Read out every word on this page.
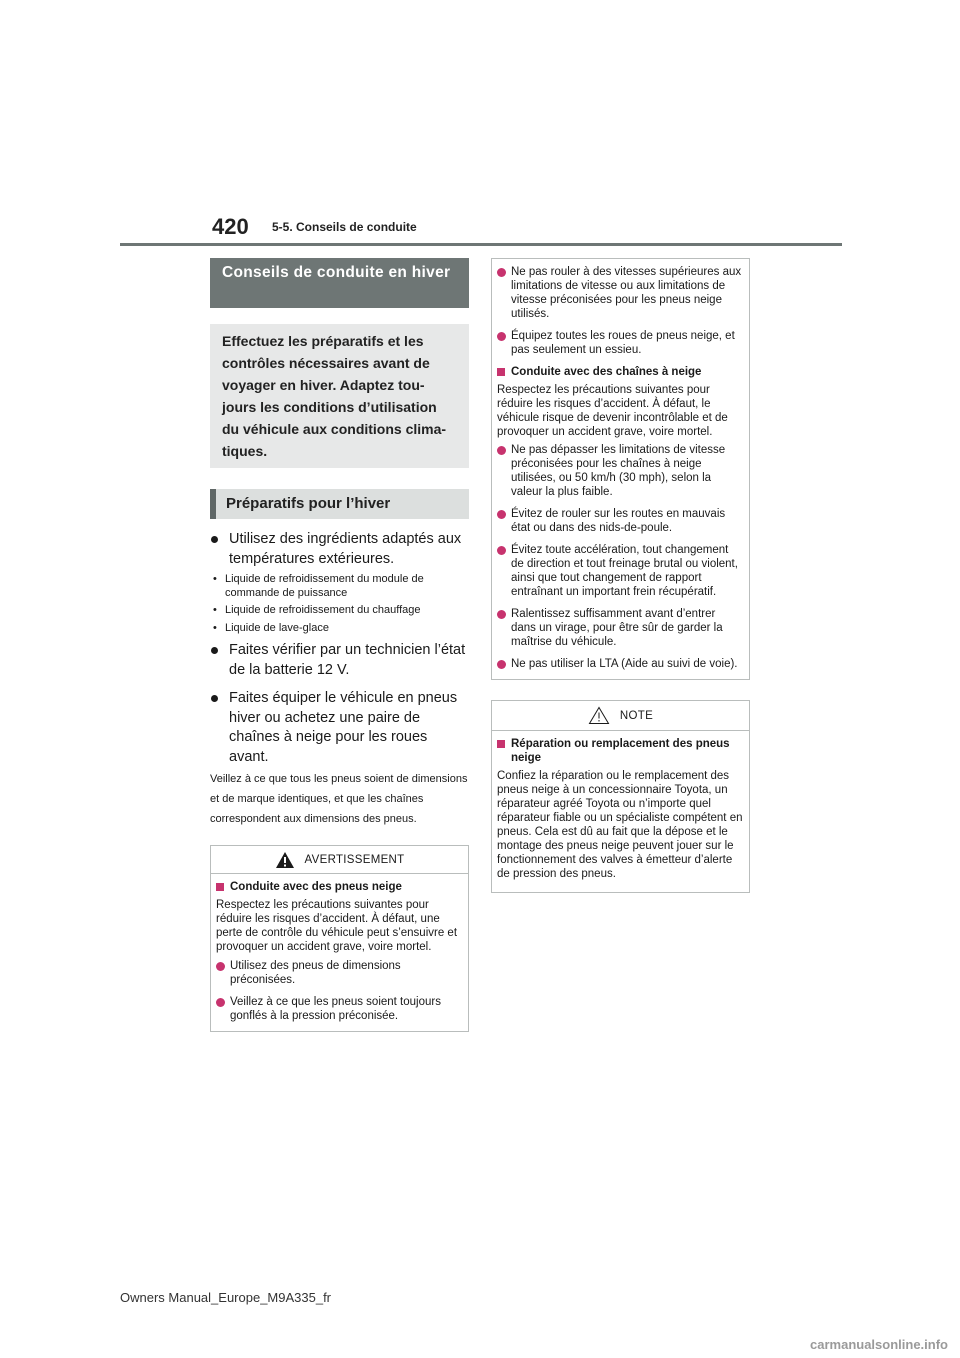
420 5-5. Conseils de conduite
Conseils de conduite en hiver
Effectuez les préparatifs et les
contrôles nécessaires avant de
voyager en hiver. Adaptez tou-
jours les conditions d’utilisation
du véhicule aux conditions clima-
tiques.
Préparatifs pour l’hiver
Utilisez des ingrédients adaptés aux températures extérieures.
• Liquide de refroidissement du module de commande de puissance
• Liquide de refroidissement du chauffage
• Liquide de lave-glace
Faites vérifier par un technicien l’état de la batterie 12 V.
Faites équiper le véhicule en pneus hiver ou achetez une paire de chaînes à neige pour les roues avant.
Veillez à ce que tous les pneus soient de dimensions et de marque identiques, et que les chaînes correspondent aux dimensions des pneus.
AVERTISSEMENT
Conduite avec des pneus neige
Respectez les précautions suivantes pour réduire les risques d’accident. À défaut, une perte de contrôle du véhicule peut s’ensuivre et provoquer un accident grave, voire mortel.
Utilisez des pneus de dimensions préconisées.
Veillez à ce que les pneus soient toujours gonflés à la pression préconisée.
Ne pas rouler à des vitesses supérieures aux limitations de vitesse ou aux limitations de vitesse préconisées pour les pneus neige utilisés.
Équipez toutes les roues de pneus neige, et pas seulement un essieu.
Conduite avec des chaînes à neige
Respectez les précautions suivantes pour réduire les risques d’accident. À défaut, le véhicule risque de devenir incontrôlable et de provoquer un accident grave, voire mortel.
Ne pas dépasser les limitations de vitesse préconisées pour les chaînes à neige utilisées, ou 50 km/h (30 mph), selon la valeur la plus faible.
Évitez de rouler sur les routes en mauvais état ou dans des nids-de-poule.
Évitez toute accélération, tout changement de direction et tout freinage brutal ou violent, ainsi que tout changement de rapport entraînant un important frein récupératif.
Ralentissez suffisamment avant d’entrer dans un virage, pour être sûr de garder la maîtrise du véhicule.
Ne pas utiliser la LTA (Aide au suivi de voie).
NOTE
Réparation ou remplacement des pneus neige
Confiez la réparation ou le remplacement des pneus neige à un concessionnaire Toyota, un réparateur agréé Toyota ou n’importe quel réparateur fiable ou un spécialiste compétent en pneus. Cela est dû au fait que la dépose et le montage des pneus neige peuvent jouer sur le fonctionnement des valves à émetteur d’alerte de pression des pneus.
Owners Manual_Europe_M9A335_fr
carmanualsonline.info
